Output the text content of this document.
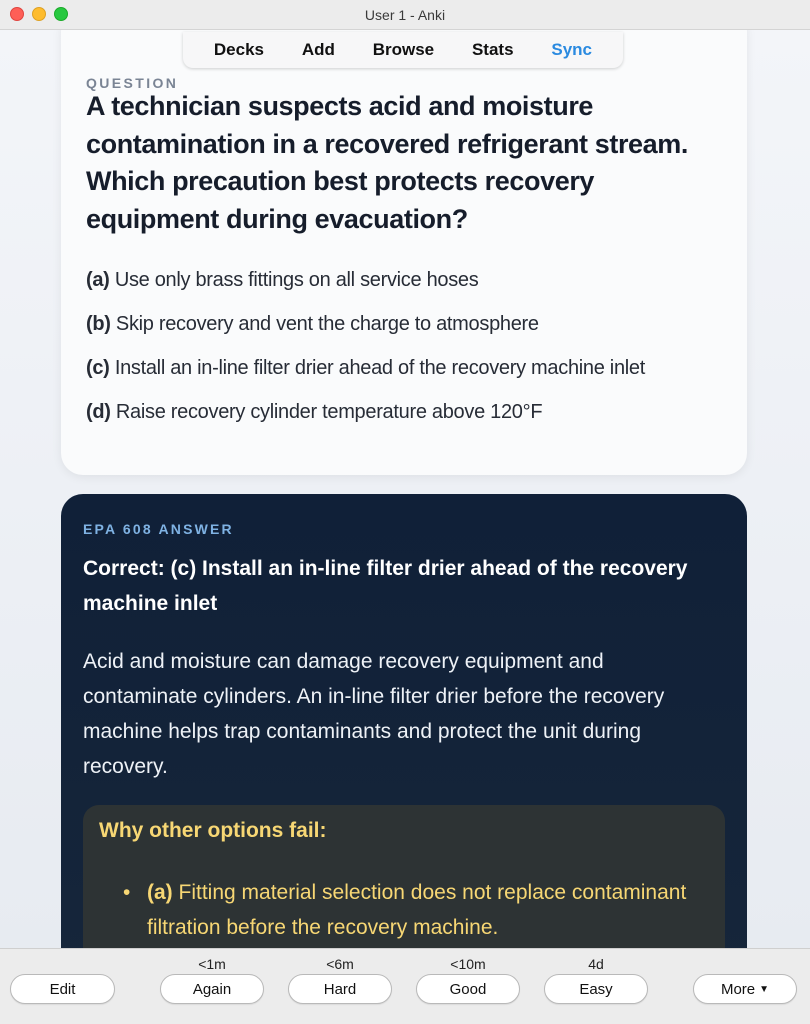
User 1 - Anki
Decks Add Browse Stats Sync
QUESTION
A technician suspects acid and moisture contamination in a recovered refrigerant stream. Which precaution best protects recovery equipment during evacuation?
(a) Use only brass fittings on all service hoses
(b) Skip recovery and vent the charge to atmosphere
(c) Install an in-line filter drier ahead of the recovery machine inlet
(d) Raise recovery cylinder temperature above 120°F
EPA 608 ANSWER
Correct: (c) Install an in-line filter drier ahead of the recovery machine inlet
Acid and moisture can damage recovery equipment and contaminate cylinders. An in-line filter drier before the recovery machine helps trap contaminants and protect the unit during recovery.
Why other options fail:
• (a) Fitting material selection does not replace contaminant filtration before the recovery machine.
Edit
<1m
Again
<6m
Hard
<10m
Good
4d
Easy	More ▼
